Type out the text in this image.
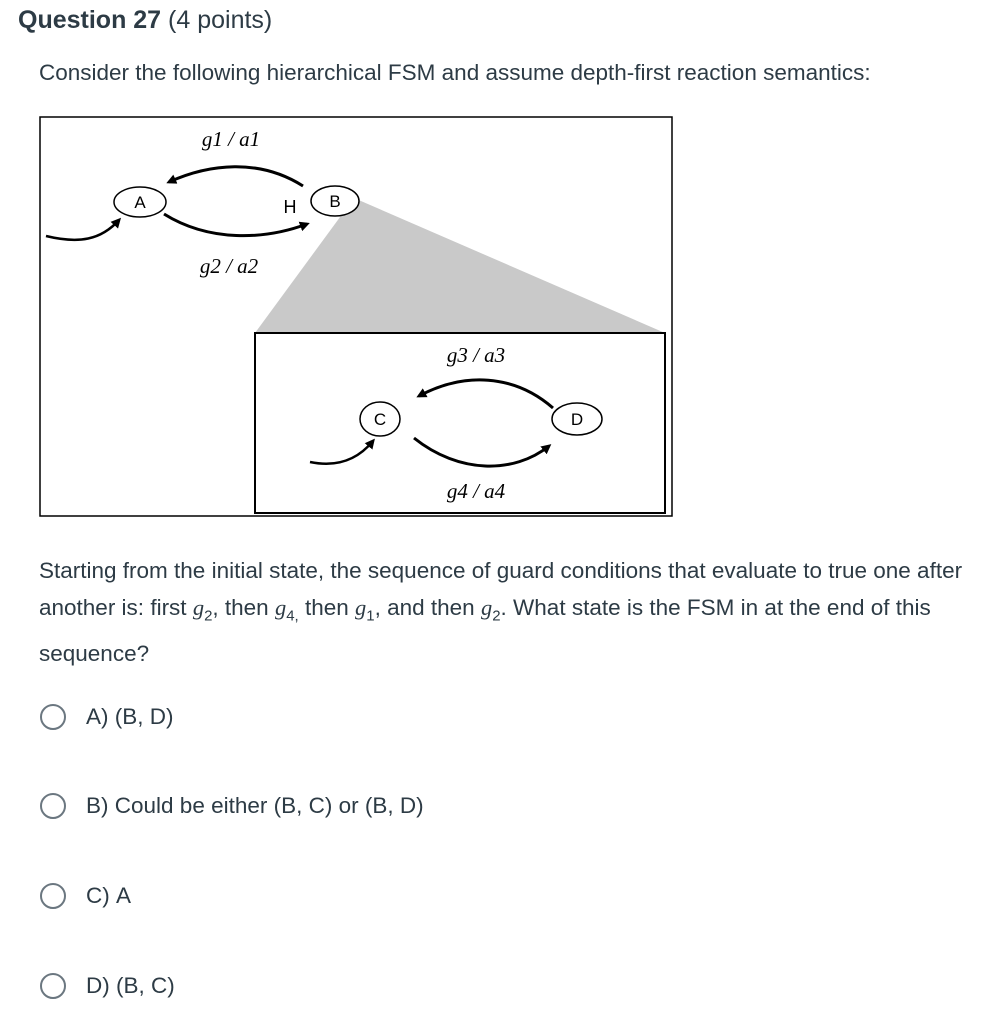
Question 27 (4 points)
Consider the following hierarchical FSM and assume depth-first reaction semantics:
A	H B
g1 / a1
g2 / a2
C	D
g3 / a3
g4 / a4
Starting from the initial state, the sequence of guard conditions that evaluate to true one after another is: first $g_2$, then $g_{4,}$ then $g_1$, and then $g_2$. What state is the FSM in at the end of this sequence?
A)
(B, D)
B)
Could be either (B, C) or (B, D)
C)
A
D)
(B, C)
